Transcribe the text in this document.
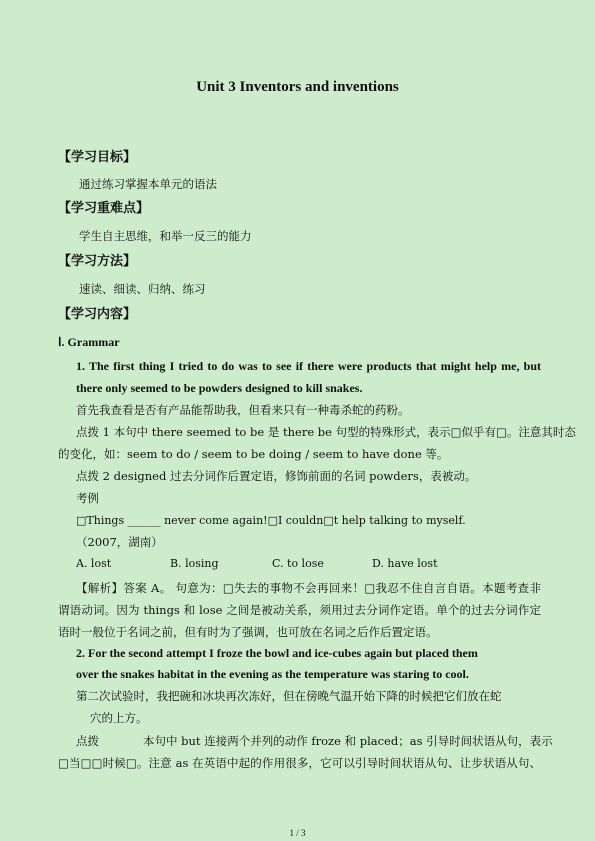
Unit 3 Inventors and inventions
【学习目标】
通过练习掌握本单元的语法
【学习重难点】
学生自主思维，和举一反三的能力
【学习方法】
速读、细读、归纳、练习
【学习内容】
Ⅰ. Grammar
1. The first thing I tried to do was to see if there were products that might help me, but
there only seemed to be powders designed to kill snakes.
首先我查看是否有产品能帮助我，但看来只有一种毒杀蛇的药粉。
点拨 1 本句中 there seemed to be 是 there be 句型的特殊形式，表示□似乎有□。注意其时态
的变化，如：seem to do / seem to be doing / seem to have done 等。
点拨 2 designed 过去分词作后置定语，修饰前面的名词 powders，表被动。
考例
□Things ______ never come again!□I couldn□t help talking to myself.
（2007，湖南）
A. lost	B. losing	C. to lose	D. have lost
【解析】答案 A。 句意为：□失去的事物不会再回来！□我忍不住自言自语。本题考查非
谓语动词。因为 things 和 lose 之间是被动关系，须用过去分词作定语。单个的过去分词作定
语时一般位于名词之前，但有时为了强调，也可放在名词之后作后置定语。
2. For the second attempt I froze the bowl and ice-cubes again but placed them
over the snakes habitat in the evening as the temperature was staring to cool.
第二次试验时，我把碗和冰块再次冻好，但在傍晚气温开始下降的时候把它们放在蛇
穴的上方。
点拨	本句中 but 连接两个并列的动作 froze 和 placed；as 引导时间状语从句，表示
□当□□时候□。注意 as 在英语中起的作用很多，它可以引导时间状语从句、让步状语从句、
1 / 3
